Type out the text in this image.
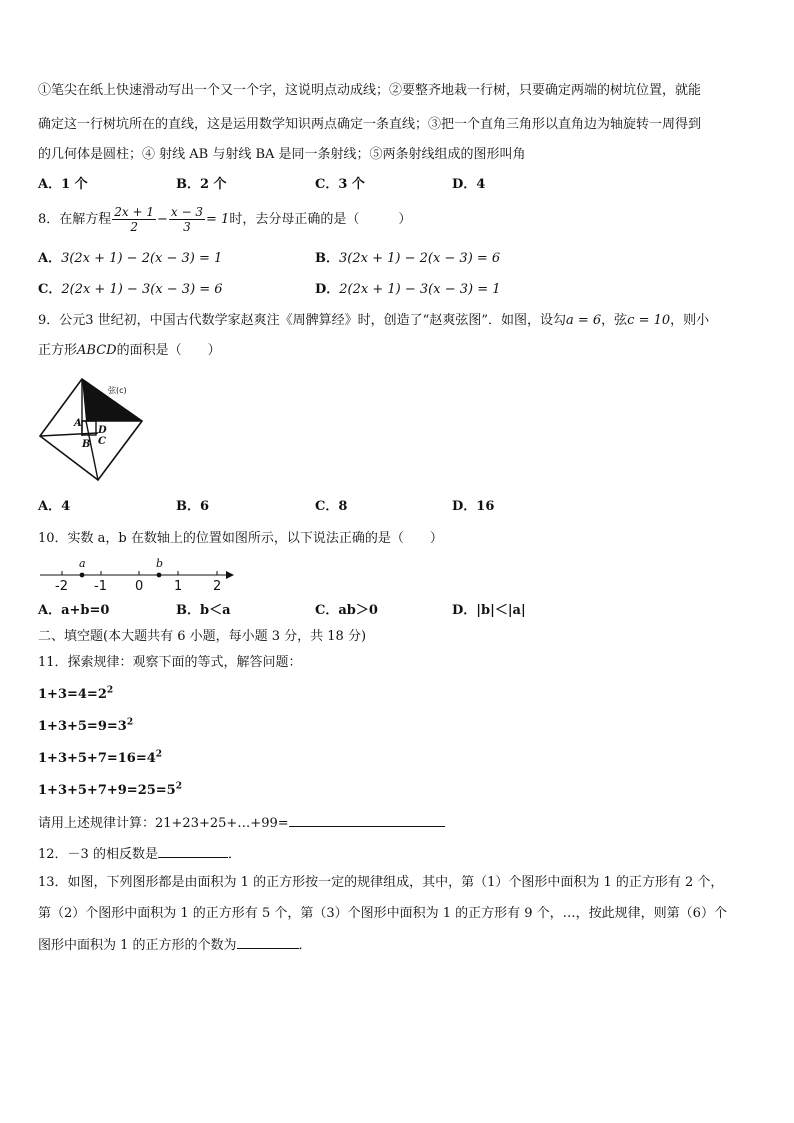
①笔尖在纸上快速滑动写出一个又一个字，这说明点动成线；②要整齐地栽一行树，只要确定两端的树坑位置，就能
确定这一行树坑所在的直线，这是运用数学知识两点确定一条直线；③把一个直角三角形以直角边为轴旋转一周得到
的几何体是圆柱；④ 射线 AB 与射线 BA 是同一条射线；⑤两条射线组成的图形叫角
A．1 个	B．2 个	C．3 个	D．4
8．在解方程 $\frac{2x + 1}{2} - \frac{x - 3}{3} = 1$时，去分母正确的是（　　　）
A．3(2x + 1) − 2(x − 3) = 1	B．3(2x + 1) − 2(x − 3) = 6
C．2(2x + 1) − 3(x − 3) = 6	D．2(2x + 1) − 3(x − 3) = 1
9．公元3 世纪初，中国古代数学家赵爽注《周髀算经》时，创造了“赵爽弦图”．如图，设勾a = 6，弦c = 10，则小
正方形ABCD的面积是（　　）
弦(c)
A
B C
D
A．4	B．6	C．8	D．16
10．实数 a，b 在数轴上的位置如图所示，以下说法正确的是（　　）
-2 -1 0 1 2
a	b
A．a+b=0	B．b＜a	C．ab＞0	D．|b|＜|a|
二、填空题(本大题共有 6 小题，每小题 3 分，共 18 分)
11．探索规律：观察下面的等式，解答问题：
$1+3=4=2^2$
$1+3+5=9=3^2$
$1+3+5+7=16=4^2$
$1+3+5+7+9=25=5^2$
请用上述规律计算：21+23+25+…+99=
12．－3 的相反数是	．
13．如图，下列图形都是由面积为 1 的正方形按一定的规律组成，其中，第（1）个图形中面积为 1 的正方形有 2 个，
第（2）个图形中面积为 1 的正方形有 5 个，第（3）个图形中面积为 1 的正方形有 9 个，…，按此规律，则第（6）个
图形中面积为 1 的正方形的个数为	．
